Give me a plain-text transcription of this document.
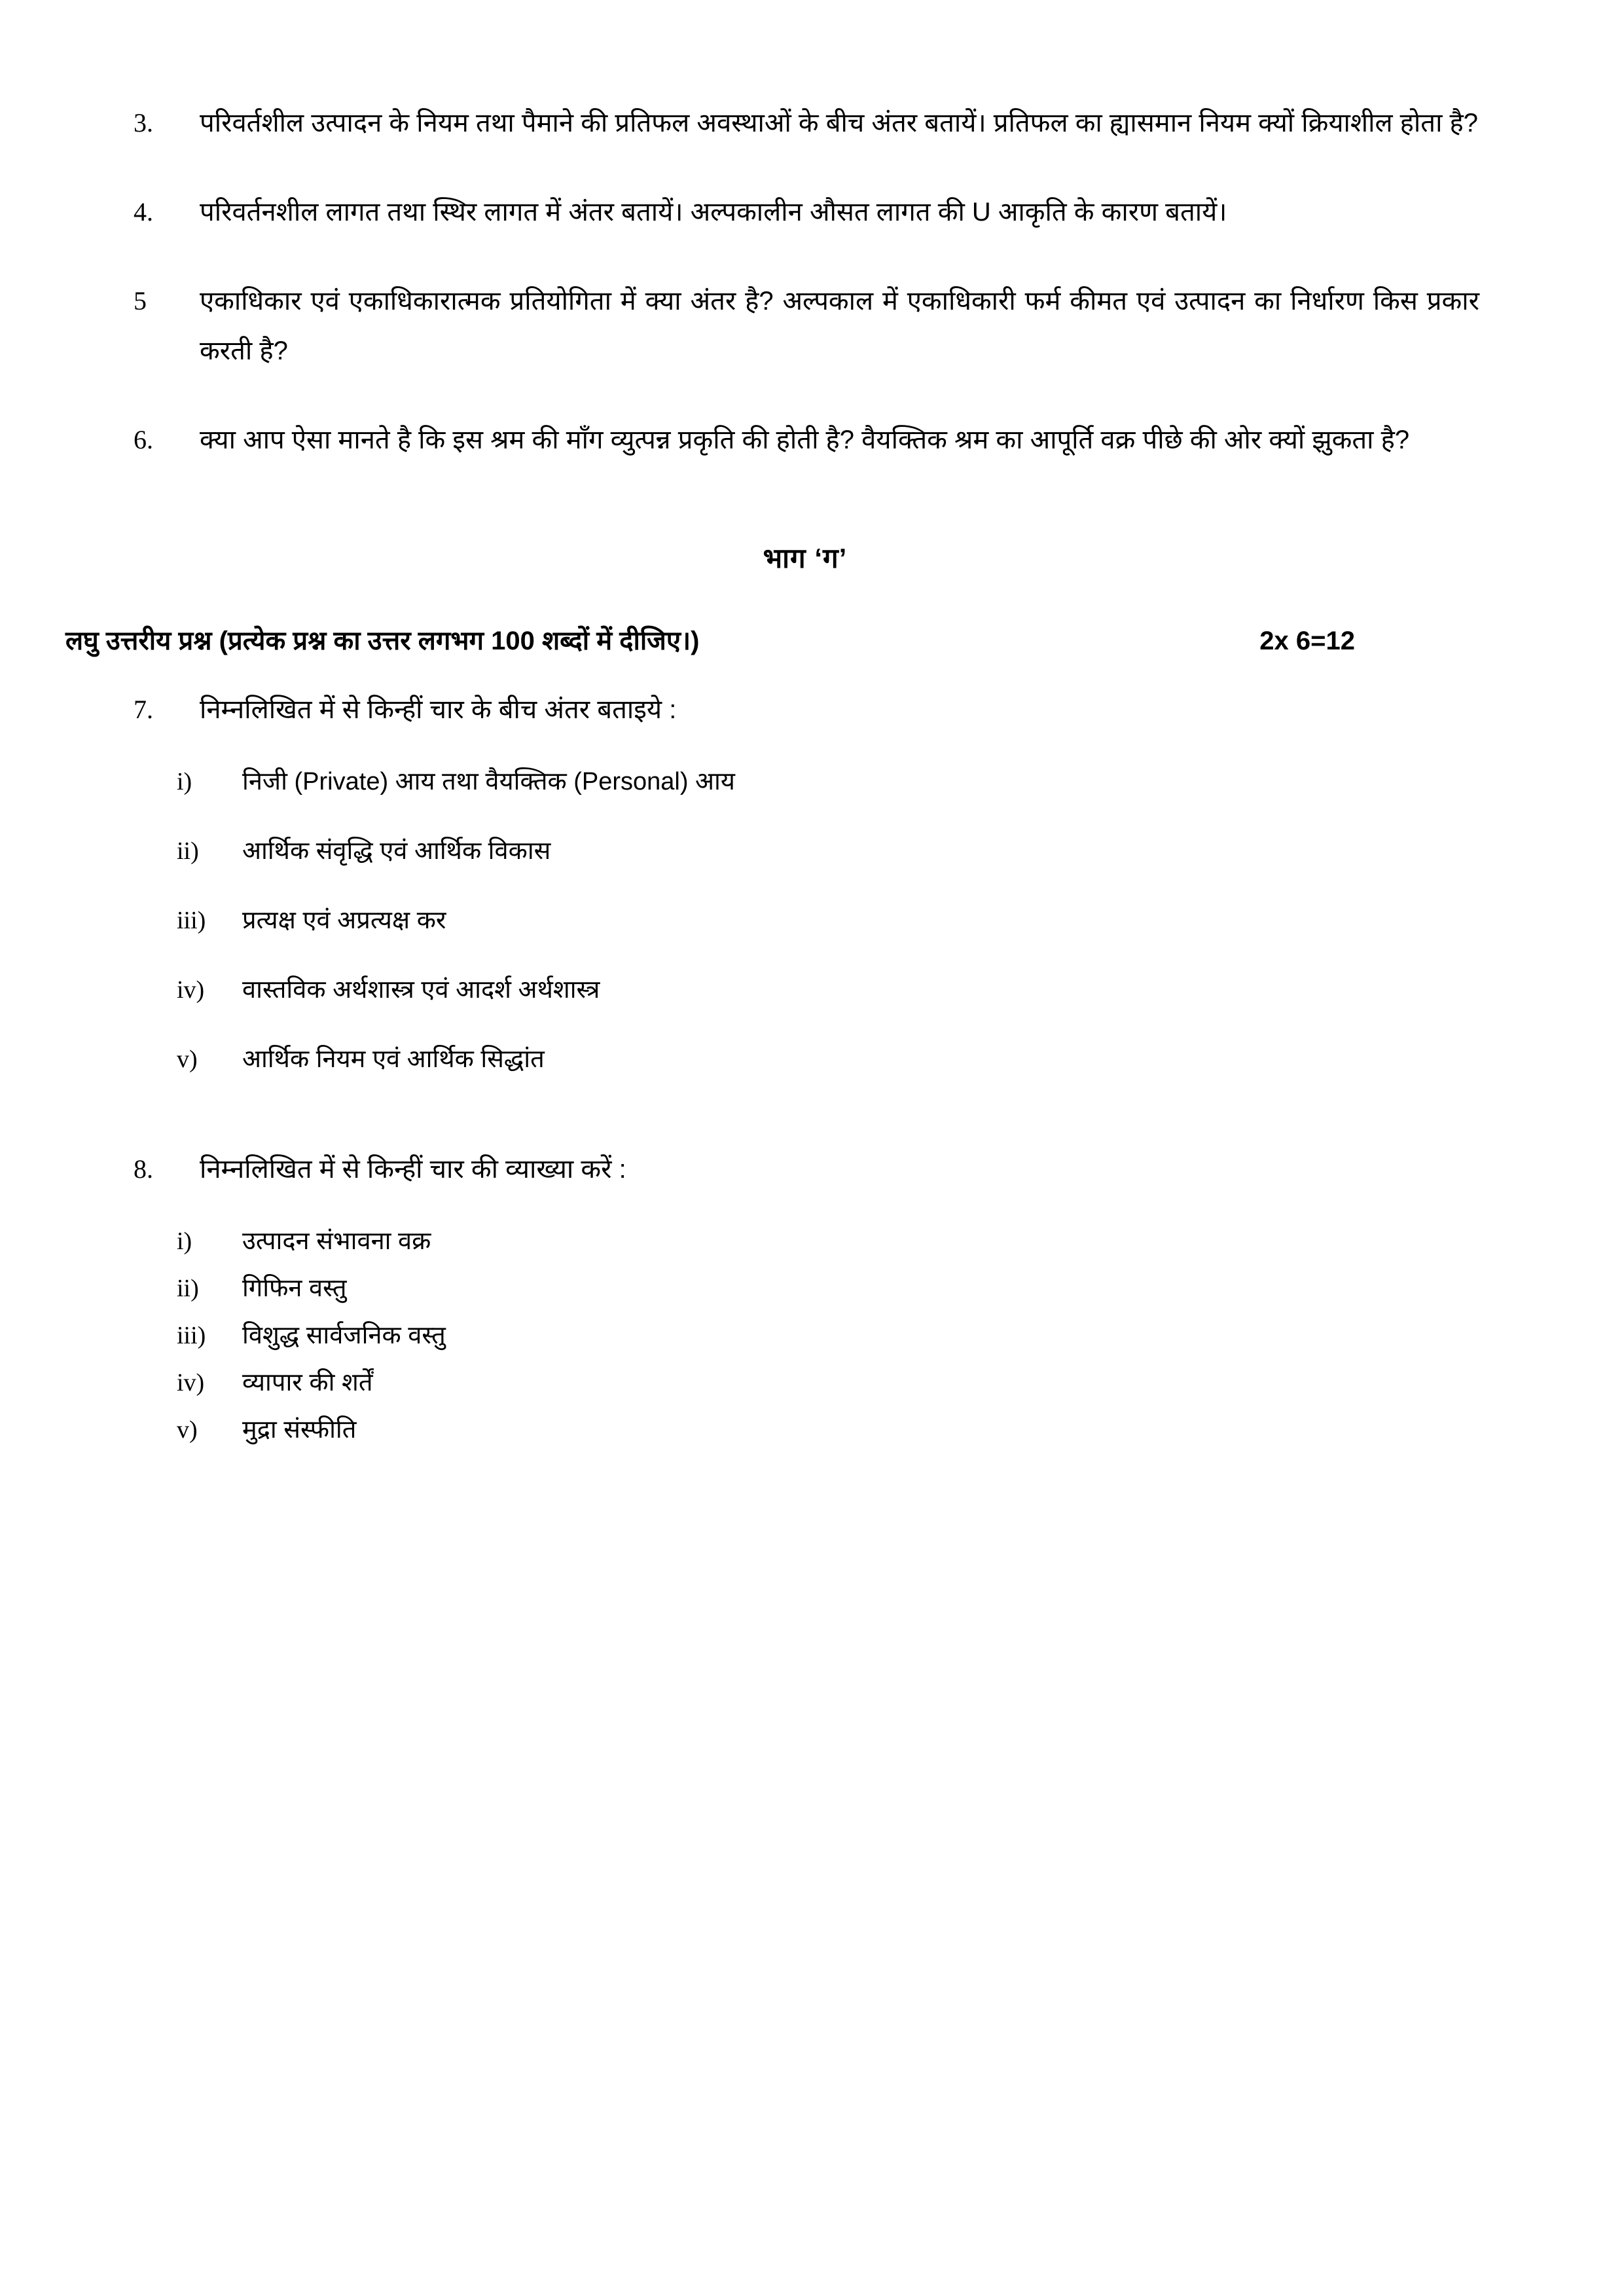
3.	परिवर्तशील उत्पादन के नियम तथा पैमाने की प्रतिफल अवस्थाओं के बीच अंतर बतायें। प्रतिफल का ह्यासमान नियम क्यों क्रियाशील होता है?
4.	परिवर्तनशील लागत तथा स्थिर लागत में अंतर बतायें। अल्पकालीन औसत लागत की U आकृति के कारण बतायें।
5	एकाधिकार एवं एकाधिकारात्मक प्रतियोगिता में क्या अंतर है? अल्पकाल में एकाधिकारी फर्म कीमत एवं उत्पादन का निर्धारण किस प्रकार करती है?
6.	क्या आप ऐसा मानते है कि इस श्रम की माँग व्युत्पन्न प्रकृति की होती है? वैयक्तिक श्रम का आपूर्ति वक्र पीछे की ओर क्यों झुकता है?
भाग ‘ग’
लघु उत्तरीय प्रश्न (प्रत्येक प्रश्न का उत्तर लगभग 100 शब्दों में दीजिए।)	2x 6=12
7.	निम्नलिखित में से किन्हीं चार के बीच अंतर बताइये :
i)	निजी (Private) आय तथा वैयक्तिक (Personal) आय
ii)	आर्थिक संवृद्धि एवं आर्थिक विकास
iii)	प्रत्यक्ष एवं अप्रत्यक्ष कर
iv)	वास्तविक अर्थशास्त्र एवं आदर्श अर्थशास्त्र
v)	आर्थिक नियम एवं आर्थिक सिद्धांत
8.	निम्नलिखित में से किन्हीं चार की व्याख्या करें :
i)	उत्पादन संभावना वक्र
ii)	गिफिन वस्तु
iii)	विशुद्ध सार्वजनिक वस्तु
iv)	व्यापार की शर्तें
v)	मुद्रा संस्फीति
